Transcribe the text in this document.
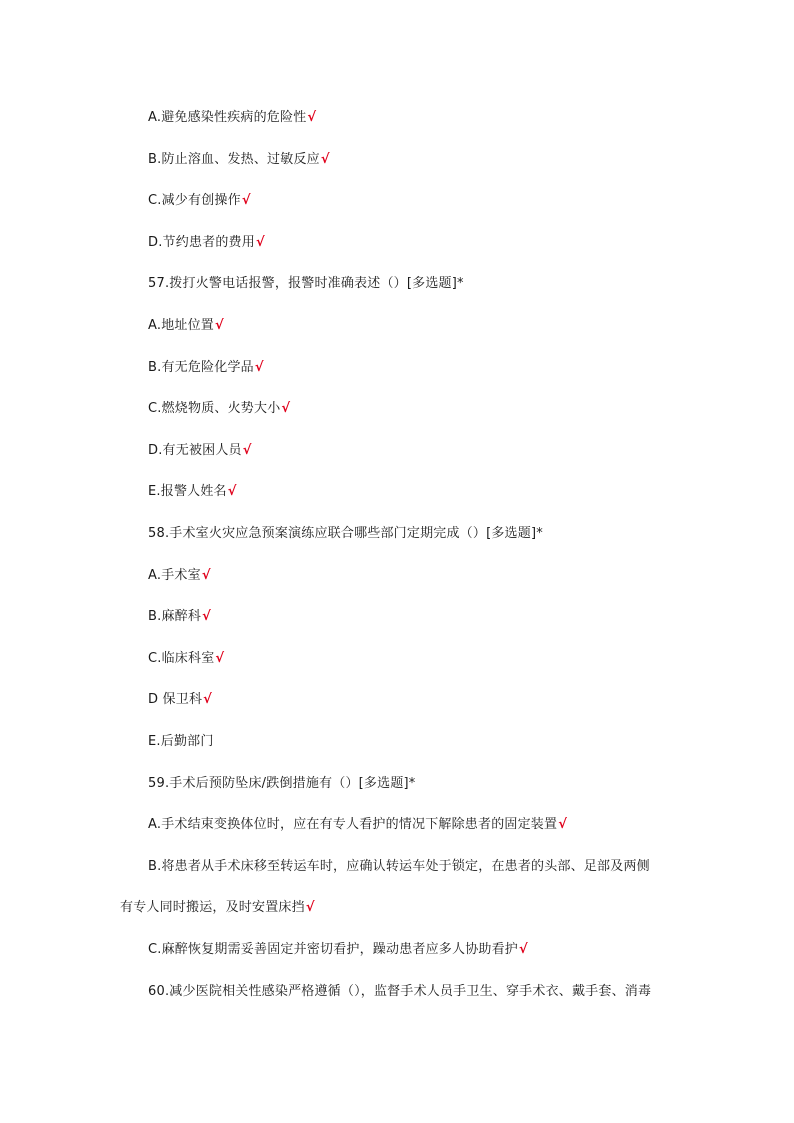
A.避免感染性疾病的危险性√
B.防止溶血、发热、过敏反应√
C.减少有创操作√
D.节约患者的费用√
57.拨打火警电话报警，报警时准确表述（）[多选题]*
A.地址位置√
B.有无危险化学品√
C.燃烧物质、火势大小√
D.有无被困人员√
E.报警人姓名√
58.手术室火灾应急预案演练应联合哪些部门定期完成（）[多选题]*
A.手术室√
B.麻醉科√
C.临床科室√
D 保卫科√
E.后勤部门
59.手术后预防坠床/跌倒措施有（）[多选题]*
A.手术结束变换体位时，应在有专人看护的情况下解除患者的固定装置√
B.将患者从手术床移至转运车时，应确认转运车处于锁定，在患者的头部、足部及两侧
有专人同时搬运，及时安置床挡√
C.麻醉恢复期需妥善固定并密切看护，躁动患者应多人协助看护√
60.减少医院相关性感染严格遵循（），监督手术人员手卫生、穿手术衣、戴手套、消毒
